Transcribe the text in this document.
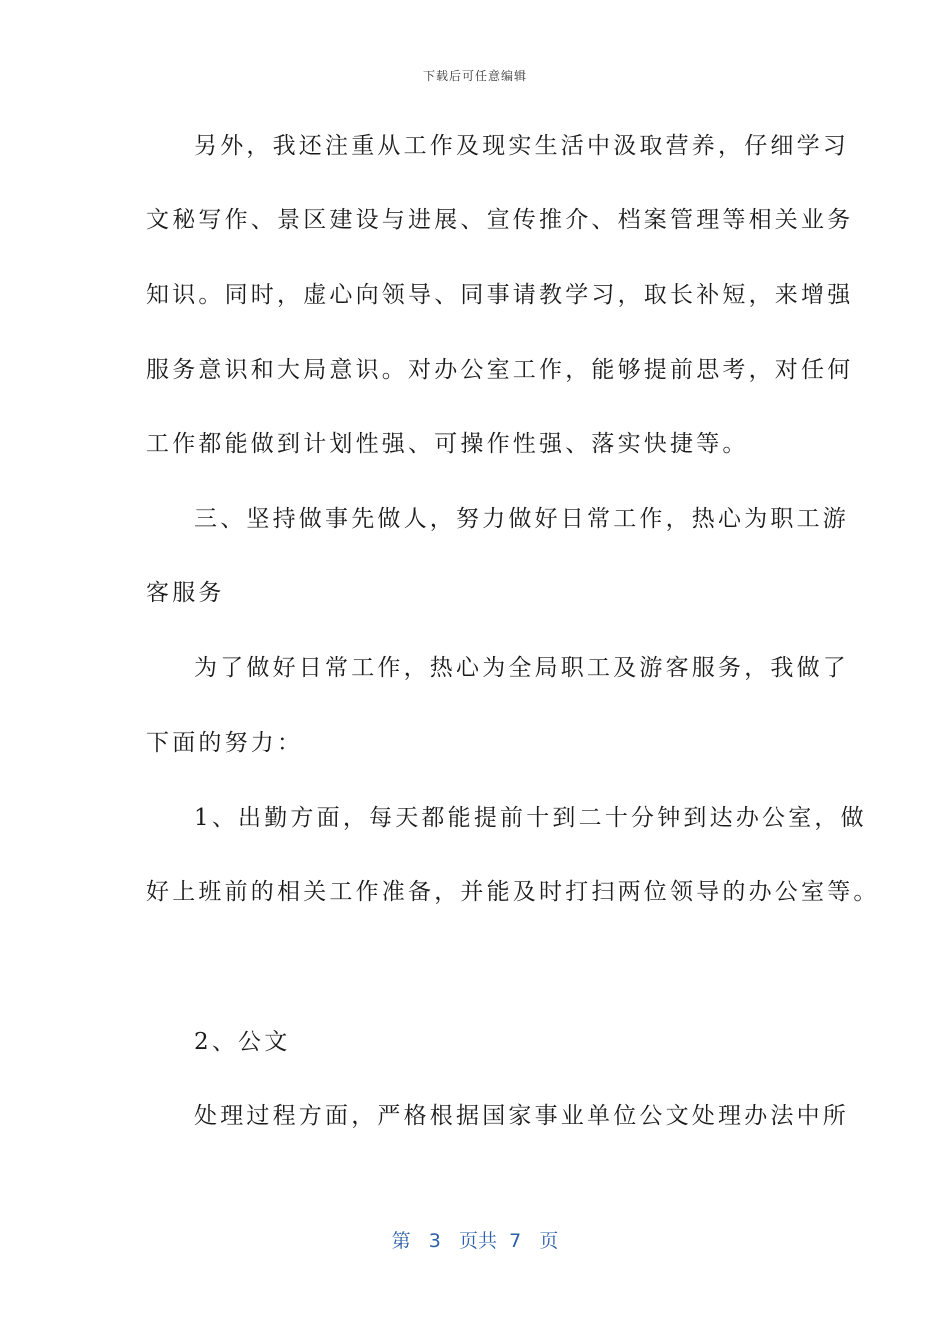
下载后可任意编辑
另外，我还注重从工作及现实生活中汲取营养，仔细学习
文秘写作、景区建设与进展、宣传推介、档案管理等相关业务
知识。同时，虚心向领导、同事请教学习，取长补短，来增强
服务意识和大局意识。对办公室工作，能够提前思考，对任何
工作都能做到计划性强、可操作性强、落实快捷等。
三、坚持做事先做人，努力做好日常工作，热心为职工游
客服务
为了做好日常工作，热心为全局职工及游客服务，我做了
下面的努力：
1、出勤方面，每天都能提前十到二十分钟到达办公室，做
好上班前的相关工作准备，并能及时打扫两位领导的办公室等。
2、公文
处理过程方面，严格根据国家事业单位公文处理办法中所
第 3 页共 7 页
